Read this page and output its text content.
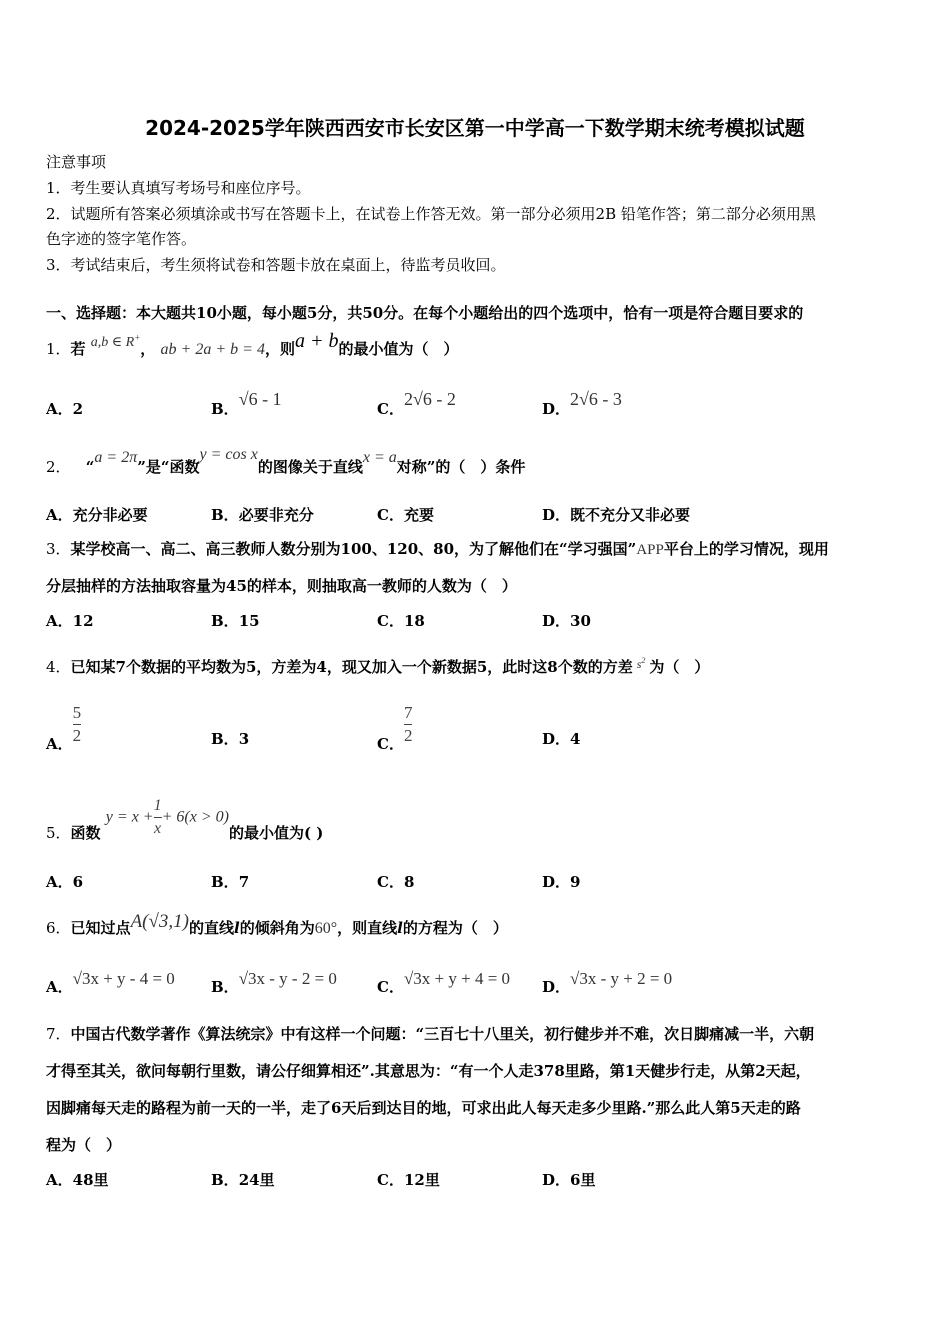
2024-2025学年陕西西安市长安区第一中学高一下数学期末统考模拟试题
注意事项
1．考生要认真填写考场号和座位序号。
2．试题所有答案必须填涂或书写在答题卡上，在试卷上作答无效。第一部分必须用2B 铅笔作答；第二部分必须用黑
色字迹的签字笔作答。
3．考试结束后，考生须将试卷和答题卡放在桌面上，待监考员收回。
一、选择题：本大题共10小题，每小题5分，共50分。在每个小题给出的四个选项中，恰有一项是符合题目要求的
1．若 a,b ∈ R+， ab + 2a + b = 4，则a + b的最小值为（　）
A．2	B．√6 - 1	C．2√6 - 2	D．2√6 - 3
2． “a = 2π”是“函数y = cos x的图像关于直线x = a对称”的（　）条件
A．充分非必要	B．必要非充分	C．充要	D．既不充分又非必要
3．某学校高一、高二、高三教师人数分别为100、120、80，为了解他们在“学习强国”APP平台上的学习情况，现用
分层抽样的方法抽取容量为45的样本，则抽取高一教师的人数为（　）
A．12	B．15	C．18	D．30
4．已知某7个数据的平均数为5，方差为4，现又加入一个新数据5，此时这8个数的方差 $^{s^2}$ 为（　）
A． $\frac{5}{2}$	B．3	C． $\frac{7}{2}$	D．4
5．函数 $y = x + \frac{1}{x} + 6(x > 0)$的最小值为( )
A．6	B．7	C．8	D．9
6．已知过点A(√3,1)的直线l的倾斜角为60°，则直线l的方程为（　）
A．√3x + y - 4 = 0 B．√3x - y - 2 = 0	C．√3x + y + 4 = 0 D．√3x - y + 2 = 0
7．中国古代数学著作《算法统宗》中有这样一个问题：“三百七十八里关，初行健步并不难，次日脚痛减一半，六朝
才得至其关，欲问每朝行里数，请公仔细算相还”.其意思为：“有一个人走378里路，第1天健步行走，从第2天起，
因脚痛每天走的路程为前一天的一半，走了6天后到达目的地，可求出此人每天走多少里路.”那么此人第5天走的路
程为（　）
A．48里	B．24里	C．12里	D．6里
